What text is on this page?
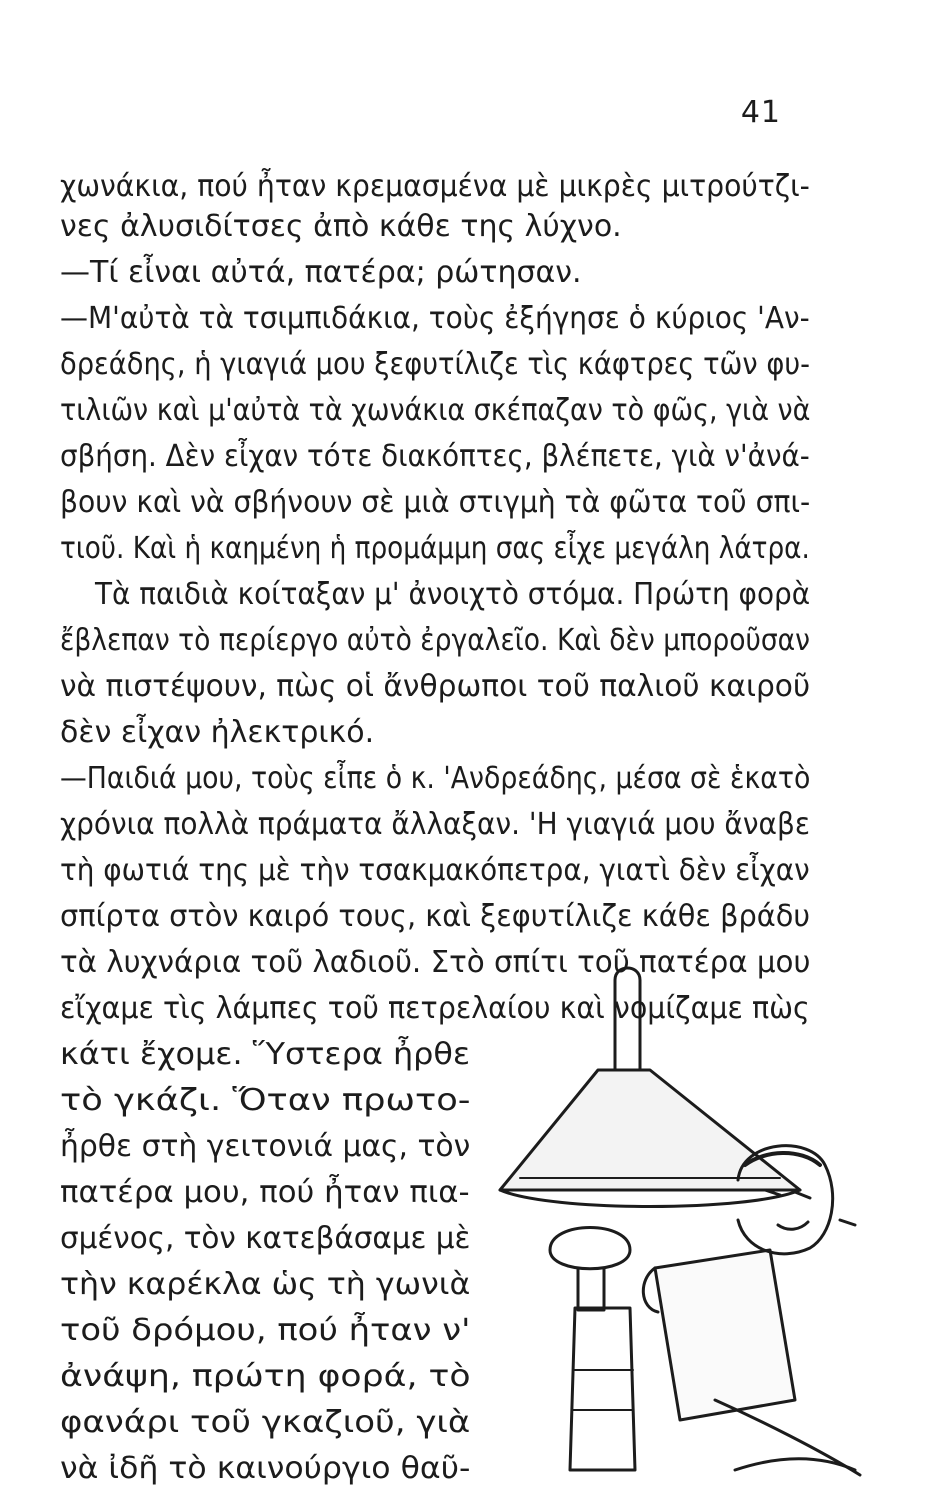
41
χωνάκια, πού ἦταν κρεμασμένα μὲ μικρὲς μιτρούτζι-
νες ἀλυσιδίτσες ἀπὸ κάθε της λύχνο.
—Τί εἶναι αὐτά, πατέρα; ρώτησαν.
—Μ'αὐτὰ τὰ τσιμπιδάκια, τοὺς ἐξήγησε ὁ κύριος 'Αν-
δρεάδης, ἡ γιαγιά μου ξεφυτίλιζε τὶς κάφτρες τῶν φυ-
τιλιῶν καὶ μ'αὐτὰ τὰ χωνάκια σκέπαζαν τὸ φῶς, γιὰ νὰ
σβήση. Δὲν εἶχαν τότε διακόπτες, βλέπετε, γιὰ ν'ἀνά-
βουν καὶ νὰ σβήνουν σὲ μιὰ στιγμὴ τὰ φῶτα τοῦ σπι-
τιοῦ. Καὶ ἡ καημένη ἡ προμάμμη σας εἶχε μεγάλη λάτρα.
Τὰ παιδιὰ κοίταξαν μ' ἀνοιχτὸ στόμα. Πρώτη φορὰ
ἔβλεπαν τὸ περίεργο αὐτὸ ἐργαλεῖο. Καὶ δὲν μποροῦσαν
νὰ πιστέψουν, πὼς οἱ ἄνθρωποι τοῦ παλιοῦ καιροῦ
δὲν εἶχαν ἠλεκτρικό.
—Παιδιά μου, τοὺς εἶπε ὁ κ. 'Ανδρεάδης, μέσα σὲ ἑκατὸ
χρόνια πολλὰ πράματα ἄλλαξαν. 'Η γιαγιά μου ἄναβε
τὴ φωτιά της μὲ τὴν τσακμακόπετρα, γιατὶ δὲν εἶχαν
σπίρτα στὸν καιρό τους, καὶ ξεφυτίλιζε κάθε βράδυ
τὰ λυχνάρια τοῦ λαδιοῦ. Στὸ σπίτι τοῦ πατέρα μου
εἴχαμε τὶς λάμπες τοῦ πετρελαίου καὶ νομίζαμε πὼς
κάτι ἔχομε. Ὕστερα ἦρθε
τὸ γκάζι. Ὅταν πρωτο-
ἦρθε στὴ γειτονιά μας, τὸν
πατέρα μου, πού ἦταν πια-
σμένος, τὸν κατεβάσαμε μὲ
τὴν καρέκλα ὡς τὴ γωνιὰ
τοῦ δρόμου, πού ἦταν ν'
ἀνάψη, πρώτη φορά, τὸ
φανάρι τοῦ γκαζιοῦ, γιὰ
νὰ ἰδῆ τὸ καινούργιο θαῦ-
